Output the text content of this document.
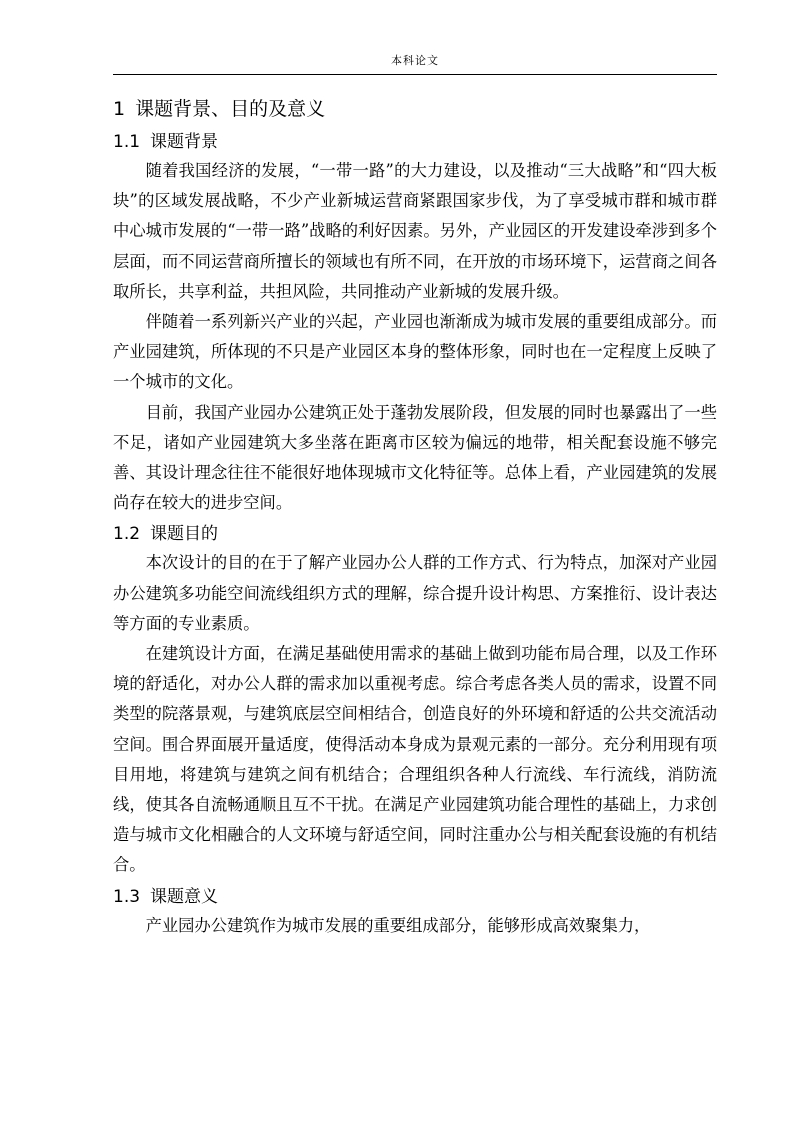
本科论文
1 课题背景、目的及意义
1.1 课题背景

随着我国经济的发展，“一带一路”的大力建设，以及推动“三大战略”和“四大板块”的区域发展战略，不少产业新城运营商紧跟国家步伐，为了享受城市群和城市群中心城市发展的“一带一路”战略的利好因素。另外，产业园区的开发建设牵涉到多个层面，而不同运营商所擅长的领域也有所不同，在开放的市场环境下，运营商之间各取所长，共享利益，共担风险，共同推动产业新城的发展升级。

伴随着一系列新兴产业的兴起，产业园也渐渐成为城市发展的重要组成部分。而产业园建筑，所体现的不只是产业园区本身的整体形象，同时也在一定程度上反映了一个城市的文化。

目前，我国产业园办公建筑正处于蓬勃发展阶段，但发展的同时也暴露出了一些不足，诸如产业园建筑大多坐落在距离市区较为偏远的地带，相关配套设施不够完善、其设计理念往往不能很好地体现城市文化特征等。总体上看，产业园建筑的发展尚存在较大的进步空间。

1.2 课题目的

本次设计的目的在于了解产业园办公人群的工作方式、行为特点，加深对产业园办公建筑多功能空间流线组织方式的理解，综合提升设计构思、方案推衍、设计表达等方面的专业素质。

在建筑设计方面，在满足基础使用需求的基础上做到功能布局合理，以及工作环境的舒适化，对办公人群的需求加以重视考虑。综合考虑各类人员的需求，设置不同类型的院落景观，与建筑底层空间相结合，创造良好的外环境和舒适的公共交流活动空间。围合界面展开量适度，使得活动本身成为景观元素的一部分。充分利用现有项目用地，将建筑与建筑之间有机结合；合理组织各种人行流线、车行流线，消防流线，使其各自流畅通顺且互不干扰。在满足产业园建筑功能合理性的基础上，力求创造与城市文化相融合的人文环境与舒适空间，同时注重办公与相关配套设施的有机结合。

1.3 课题意义

产业园办公建筑作为城市发展的重要组成部分，能够形成高效聚集力，
